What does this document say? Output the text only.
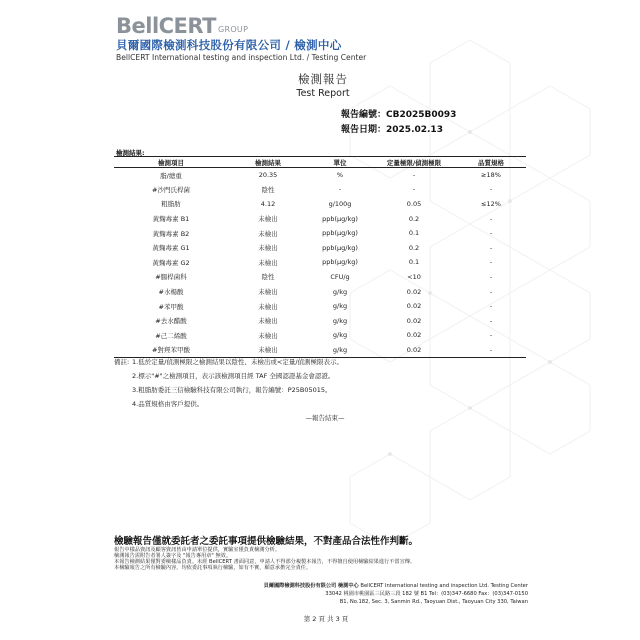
BellCERT GROUP
貝爾國際檢測科技股份有限公司 / 檢測中心
BellCERT International testing and inspection Ltd. / Testing Center
檢測報告
Test Report
報告編號：CB2025B0093
報告日期：2025.02.13
檢測結果:
檢測項目	檢測結果	單位	定量極限/偵測極限	品質規格
脂/總重	20.35	%	-	≥18%
#沙門氏桿菌	陰性	-	-	-
粗脂肪	4.12	g/100g	0.05	≤12%
黃麴毒素 B1	未檢出	ppb(μg/kg)	0.2	-
黃麴毒素 B2	未檢出	ppb(μg/kg)	0.1	-
黃麴毒素 G1	未檢出	ppb(μg/kg)	0.2	-
黃麴毒素 G2	未檢出	ppb(μg/kg)	0.1	-
#腸桿菌科	陰性	CFU/g	<10	-
#水楊酸	未檢出	g/kg	0.02	-
#苯甲酸	未檢出	g/kg	0.02	-
#去水醋酸	未檢出	g/kg	0.02	-
#己二烯酸	未檢出	g/kg	0.02	-
#對羥苯甲酸	未檢出	g/kg	0.02	-
備註: 1.低於定量/偵測極限之檢測結果以陰性、未檢出或<定量/偵測極限表示。
2.標示"#"之檢測項目，表示該檢測項目經 TAF 全國認證基金會認證。
3.粗脂肪委託三信檢驗科技有限公司執行，報告編號：P25B05015。
4.品質規格由客戶提供。
—報告結束—
檢驗報告僅就委託者之委託事項提供檢驗結果，不對產品合法性作判斷。
報告中樣品資訊及顧客資訊皆由申請單位提供，實驗室僅負責檢測分析。
檢測報告需附告者署人簽字及 "報告專用章" 無效。
本報告檢測結果僅對委檢樣品負責。未經 BellCERT 書面同意，申請人不得部分複製本報告，不得擅自使用檢驗結果進行不當宣傳。
本檢驗報告之所有檢驗內容，均依委託事項執行檢驗，如有不實，願意承擔完全責任。
貝爾國際檢測科技股份有限公司 檢測中心 BellCERT International testing and inspection Ltd. Testing Center
33042 桃園市桃園區三民路三段 182 號 B1 Tel：(03)347-6680 Fax：(03)347-0150
B1, No.182, Sec. 3, Sanmin Rd., Taoyuan Dist., Taoyuan City 330, Taiwan
第 2 頁 共 3 頁
